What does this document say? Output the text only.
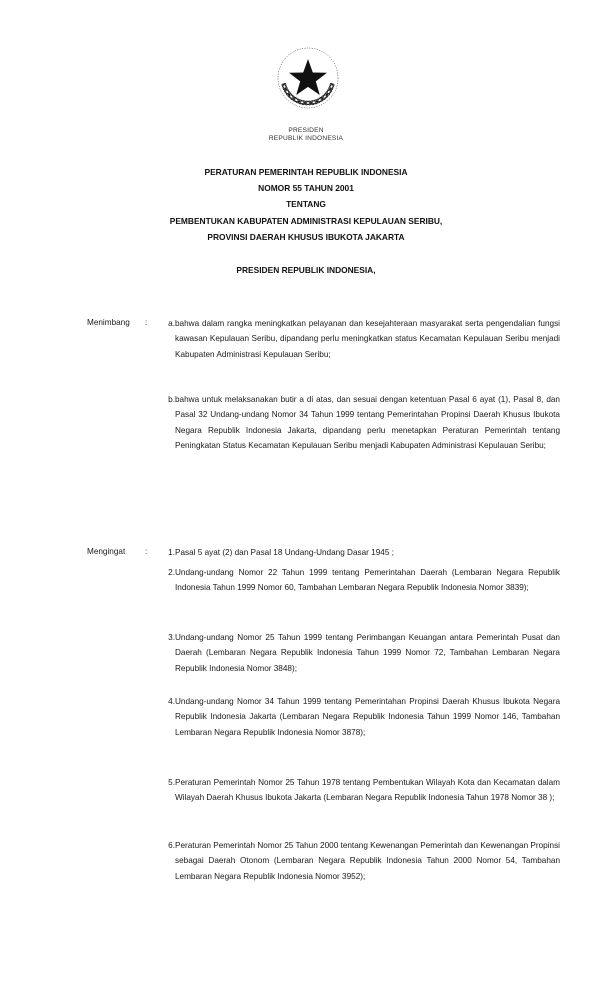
PRESIDEN
REPUBLIK INDONESIA
PERATURAN PEMERINTAH REPUBLIK INDONESIA
NOMOR 55 TAHUN 2001
TENTANG
PEMBENTUKAN KABUPATEN ADMINISTRASI KEPULAUAN SERIBU,
PROVINSI DAERAH KHUSUS IBUKOTA JAKARTA
PRESIDEN REPUBLIK INDONESIA,
Menimbang :	a. bahwa dalam rangka meningkatkan pelayanan dan kesejahteraan masyarakat serta pengendalian fungsi kawasan Kepulauan Seribu, dipandang perlu meningkatkan status Kecamatan Kepulauan Seribu menjadi Kabupaten Administrasi Kepulauan Seribu;
b. bahwa untuk melaksanakan butir a di atas, dan sesuai dengan ketentuan Pasal 6 ayat (1), Pasal 8, dan Pasal 32 Undang-undang Nomor 34 Tahun 1999 tentang Pemerintahan Propinsi Daerah Khusus Ibukota Negara Republik Indonesia Jakarta, dipandang perlu menetapkan Peraturan Pemerintah tentang Peningkatan Status Kecamatan Kepulauan Seribu menjadi Kabupaten Administrasi Kepulauan Seribu;
Mengingat :	1. Pasal 5 ayat (2) dan Pasal 18 Undang-Undang Dasar 1945 ;
2. Undang-undang Nomor 22 Tahun 1999 tentang Pemerintahan Daerah (Lembaran Negara Republik Indonesia Tahun 1999 Nomor 60, Tambahan Lembaran Negara Republik Indonesia Nomor 3839);
3. Undang-undang Nomor 25 Tahun 1999 tentang Perimbangan Keuangan antara Pemerintah Pusat dan Daerah (Lembaran Negara Republik Indonesia Tahun 1999 Nomor 72, Tambahan Lembaran Negara Republik Indonesia Nomor 3848);
4. Undang-undang Nomor 34 Tahun 1999 tentang Pemerintahan Propinsi Daerah Khusus Ibukota Negara Republik Indonesia Jakarta (Lembaran Negara Republik Indonesia Tahun 1999 Nomor 146, Tambahan Lembaran Negara Republik Indonesia Nomor 3878);
5. Peraturan Pemerintah Nomor 25 Tahun 1978 tentang Pembentukan Wilayah Kota dan Kecamatan dalam Wilayah Daerah Khusus Ibukota Jakarta (Lembaran Negara Republik Indonesia Tahun 1978 Nomor 38 );
6. Peraturan Pemerintah Nomor 25 Tahun 2000 tentang Kewenangan Pemerintah dan Kewenangan Propinsi sebagai Daerah Otonom (Lembaran Negara Republik Indonesia Tahun 2000 Nomor 54, Tambahan Lembaran Negara Republik Indonesia Nomor 3952);
